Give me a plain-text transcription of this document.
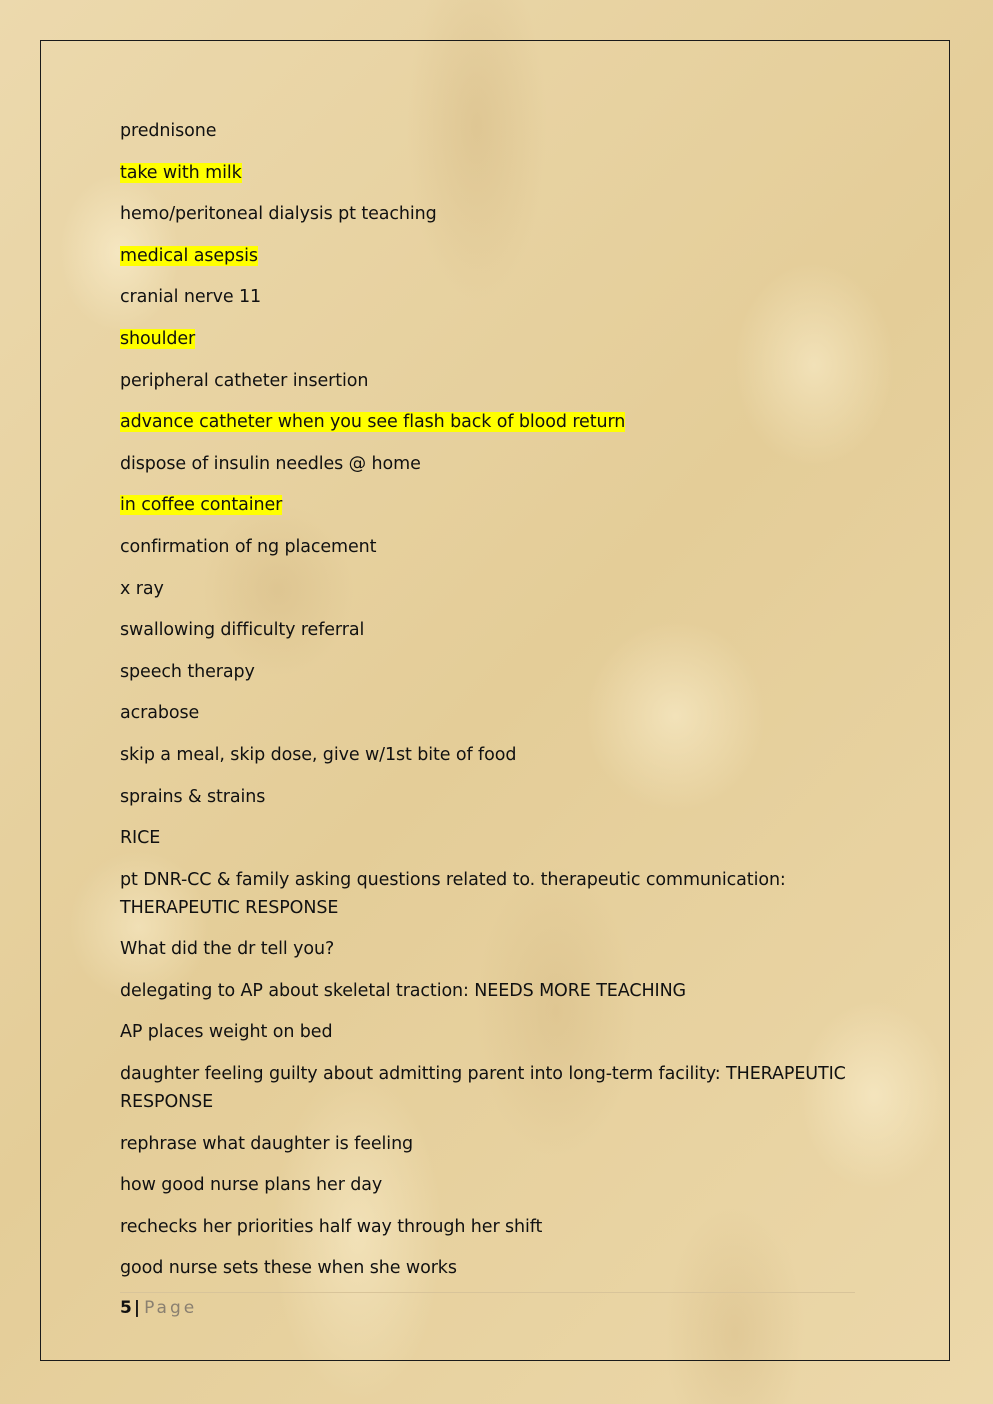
prednisone

take with milk

hemo/peritoneal dialysis pt teaching

medical asepsis

cranial nerve 11

shoulder

peripheral catheter insertion

advance catheter when you see flash back of blood return

dispose of insulin needles @ home

in coffee container

confirmation of ng placement

x ray

swallowing difficulty referral

speech therapy

acrabose

skip a meal, skip dose, give w/1st bite of food

sprains & strains

RICE

pt DNR-CC & family asking questions related to. therapeutic communication: THERAPEUTIC RESPONSE

What did the dr tell you?

delegating to AP about skeletal traction: NEEDS MORE TEACHING

AP places weight on bed

daughter feeling guilty about admitting parent into long-term facility: THERAPEUTIC RESPONSE

rephrase what daughter is feeling

how good nurse plans her day

rechecks her priorities half way through her shift

good nurse sets these when she works

5 | Page
